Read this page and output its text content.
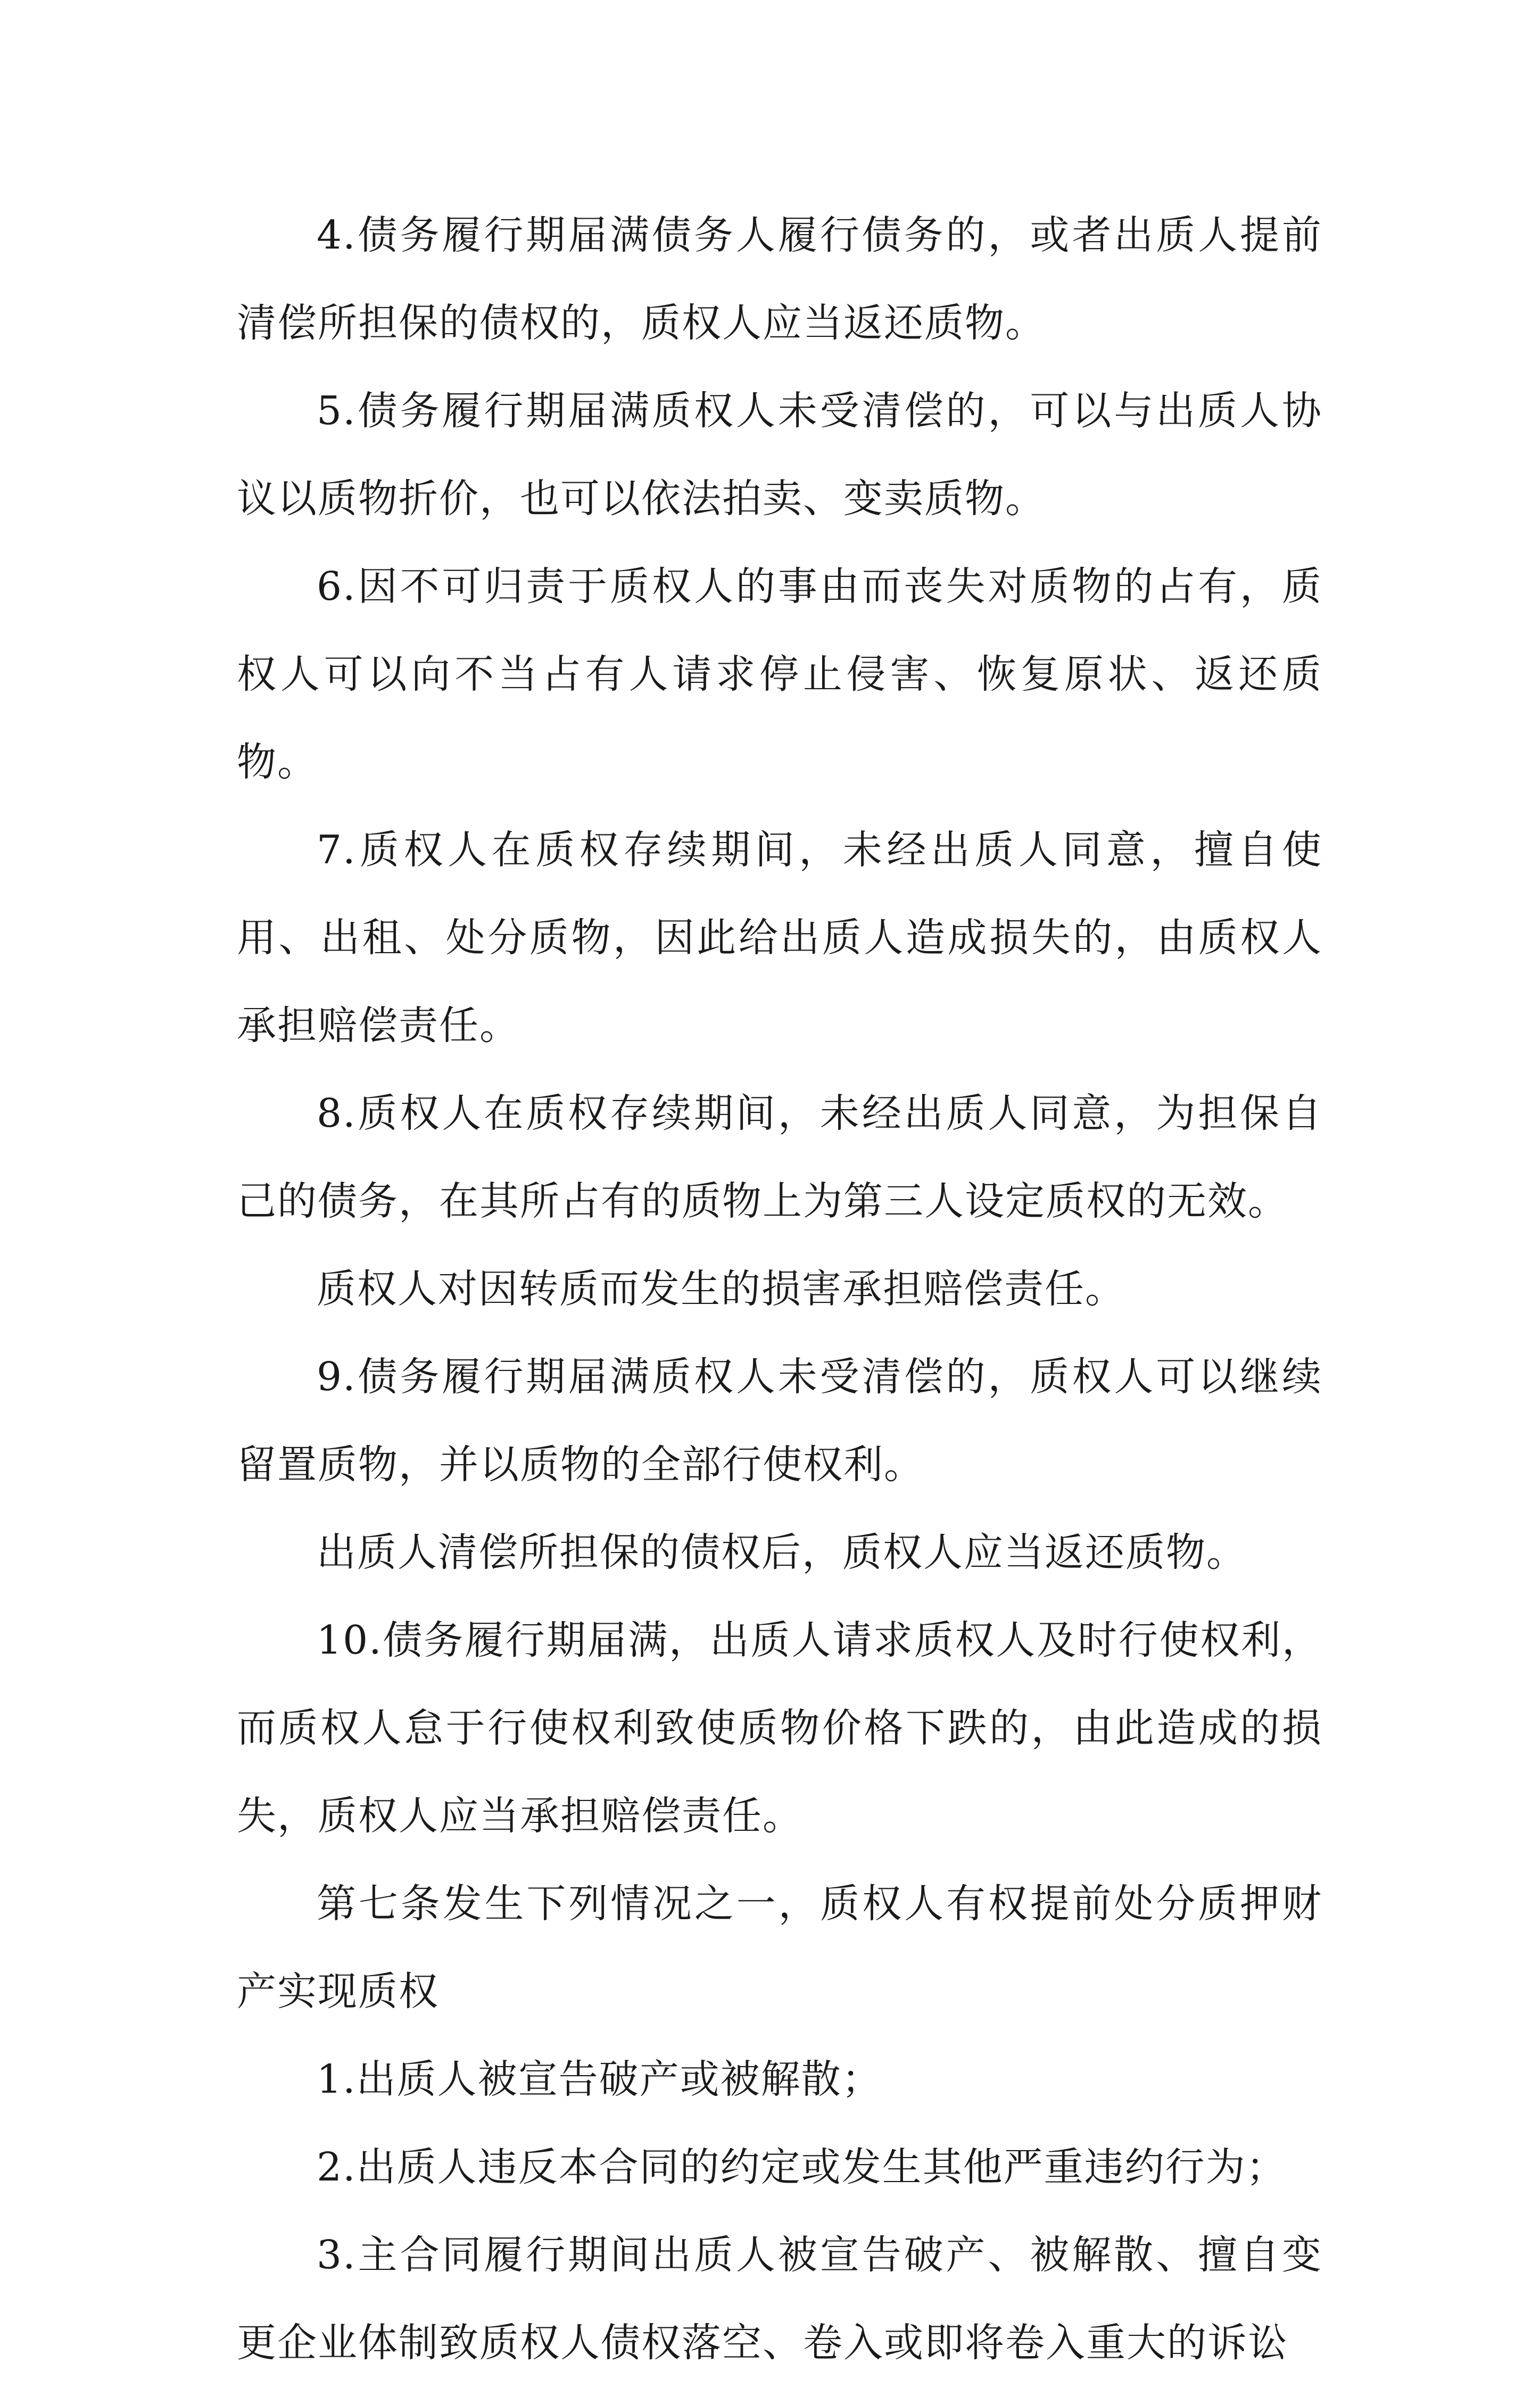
4.债务履行期届满债务人履行债务的，或者出质人提前清偿所担保的债权的，质权人应当返还质物。

5.债务履行期届满质权人未受清偿的，可以与出质人协议以质物折价，也可以依法拍卖、变卖质物。

6.因不可归责于质权人的事由而丧失对质物的占有，质权人可以向不当占有人请求停止侵害、恢复原状、返还质物。

7.质权人在质权存续期间，未经出质人同意，擅自使用、出租、处分质物，因此给出质人造成损失的，由质权人承担赔偿责任。

8.质权人在质权存续期间，未经出质人同意，为担保自己的债务，在其所占有的质物上为第三人设定质权的无效。

质权人对因转质而发生的损害承担赔偿责任。

9.债务履行期届满质权人未受清偿的，质权人可以继续留置质物，并以质物的全部行使权利。

出质人清偿所担保的债权后，质权人应当返还质物。

10.债务履行期届满，出质人请求质权人及时行使权利，而质权人怠于行使权利致使质物价格下跌的，由此造成的损失，质权人应当承担赔偿责任。

第七条发生下列情况之一，质权人有权提前处分质押财产实现质权

1.出质人被宣告破产或被解散；

2.出质人违反本合同的约定或发生其他严重违约行为；

3.主合同履行期间出质人被宣告破产、被解散、擅自变更企业体制致质权人债权落空、卷入或即将卷入重大的诉讼
